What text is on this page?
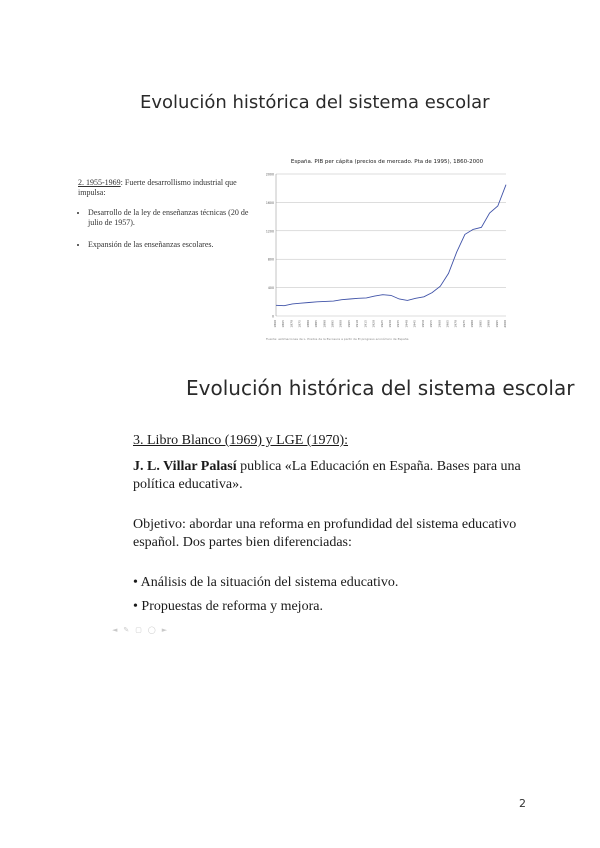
Evolución histórica del sistema escolar

2. 1955-1969: Fuerte desarrollismo industrial que impulsa:

• Desarrollo de la ley de enseñanzas técnicas (20 de julio de 1957).
• Expansión de las enseñanzas escolares.
España. PIB per cápita (precios de mercado. Pta de 1995), 1860-2000
0
400
800
1200
1600
2000
1860 1865 1870 1875 1880 1885 1890 1895 1900 1905 1910 1915 1920 1925 1930 1935 1940 1945 1950 1955 1960 1965 1970 1975 1980 1985 1990 1995 2000
Fuente: estimaciones de L. Prados de la Escosura a partir de El progreso económico de España
Evolución histórica del sistema escolar

3. Libro Blanco (1969) y LGE (1970):

J. L. Villar Palasí publica «La Educación en España. Bases para una política educativa».

Objetivo: abordar una reforma en profundidad del sistema educativo español. Dos partes bien diferenciadas:

• Análisis de la situación del sistema educativo.

• Propuestas de reforma y mejora.

◄ ✎ ▢ ◯ ►
2
